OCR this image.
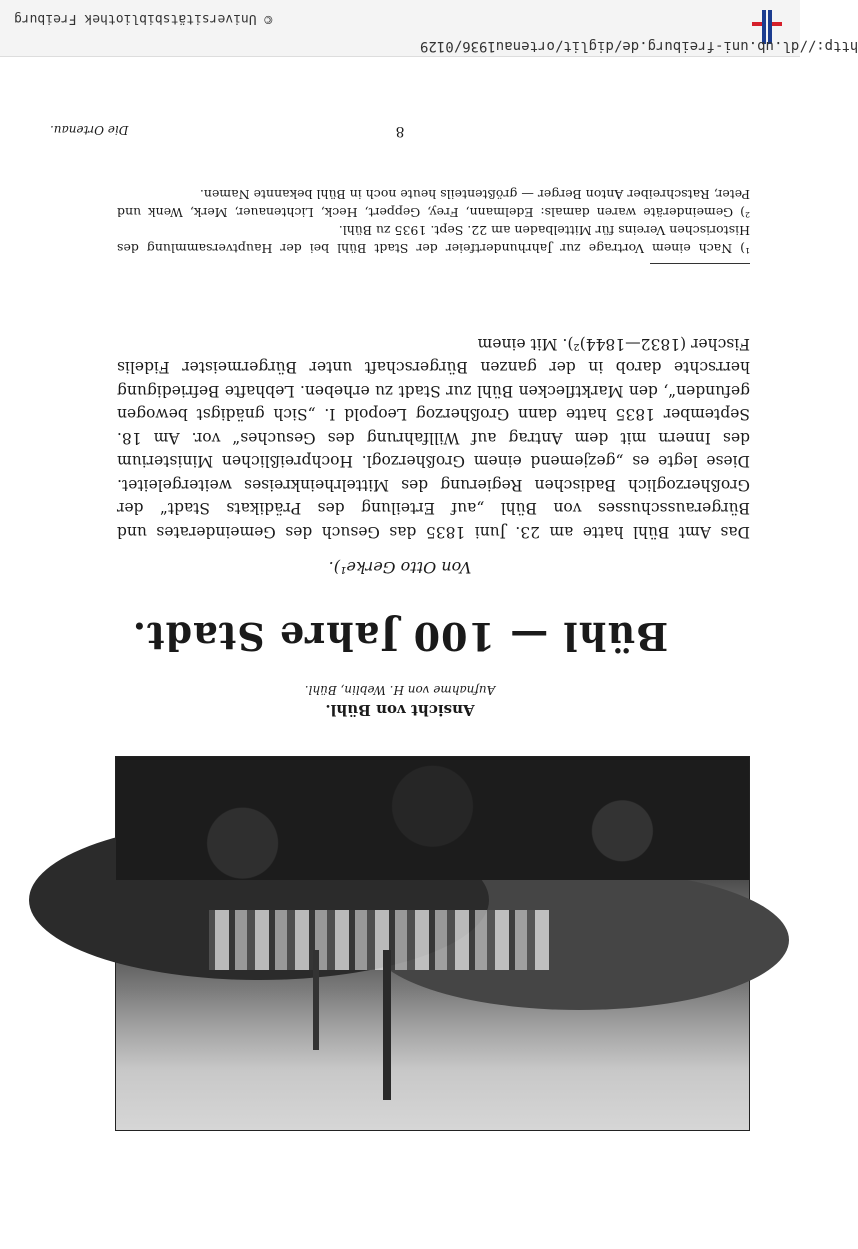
Ansicht von Bühl.
Aufnahme von H. Weblin, Bühl.
Bühl — 100 Jahre Stadt.
Von Otto Gerke¹).

Das Amt Bühl hatte am 23. Juni 1835 das Gesuch des Gemeinderates und Bürgerausschusses von Bühl „auf Erteilung des Prädikats Stadt“ der Großherzoglich Badischen Regierung des Mittelrheinkreises weitergeleitet. Diese legte es „gezjemend einem Großherzogl. Hochpreißlichen Ministerium des Innern mit dem Antrag auf Willfahrung des Gesuches“ vor. Am 18. September 1835 hatte dann Großherzog Leopold I. „Sich gnädigst bewogen gefunden“, den Marktflecken Bühl zur Stadt zu erheben. Lebhafte Befriedigung herrschte darob in der ganzen Bürgerschaft unter Bürgermeister Fidelis Fischer (1832—1844)²). Mit einem

¹) Nach einem Vortrage zur Jahrhundertfeier der Stadt Bühl bei der Hauptversammlung des Historischen Vereins für Mittelbaden am 22. Sept. 1935 zu Bühl.

²) Gemeinderäte waren damals: Edelmann, Frey, Geppert, Heck, Lichtenauer, Merk, Wenk und Peter, Ratschreiber Anton Berger — größtenteils heute noch in Bühl bekannte Namen.

8
Die Ortenau.
http://dl.ub.uni-freiburg.de/diglit/ortenau1936/0129
© Universitätsbibliothek Freiburg
